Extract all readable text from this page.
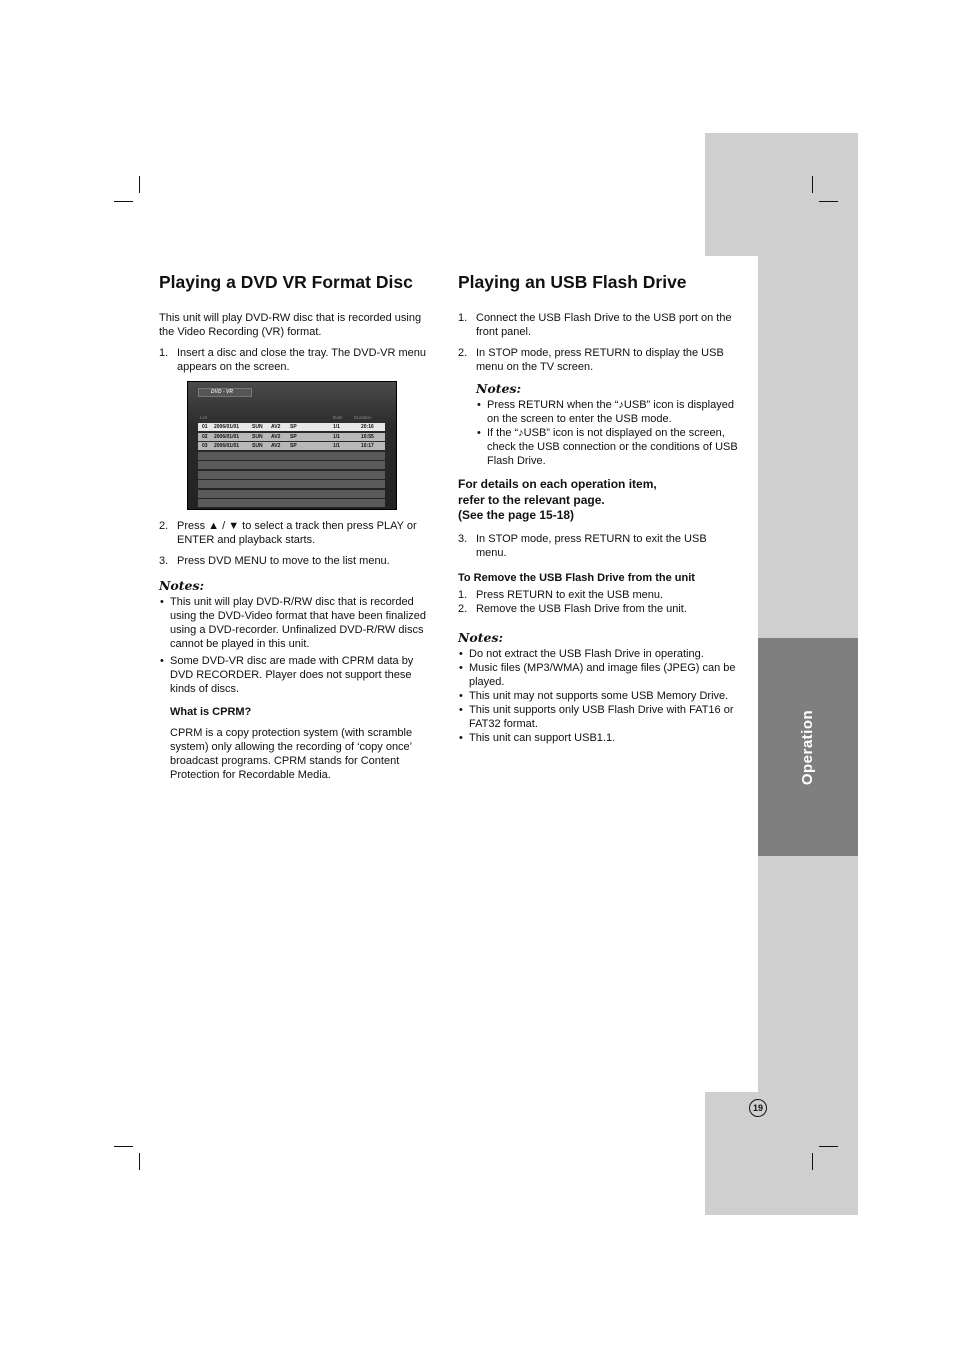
Operation
19
Playing a DVD VR Format Disc

This unit will play DVD-RW disc that is recorded using the Video Recording (VR) format.

1. Insert a disc and close the tray. The DVD-VR menu appears on the screen.
DVD - VR
List	Date	Duration
01 2006/01/01	SUN AV2 SP	1/1	20:16
02 2006/01/01	SUN AV2 SP	1/1	10:55
03 2006/01/01	SUN AV2 SP	1/1	10:17
2. Press ▲ / ▼ to select a track then press PLAY or ENTER and playback starts.
3. Press DVD MENU to move to the list menu.
Notes:
• This unit will play DVD-R/RW disc that is recorded using the DVD-Video format that have been finalized using a DVD-recorder. Unfinalized DVD-R/RW discs cannot be played in this unit.
• Some DVD-VR disc are made with CPRM data by DVD RECORDER. Player does not support these kinds of discs.

What is CPRM?

CPRM is a copy protection system (with scramble system) only allowing the recording of ‘copy once’ broadcast programs. CPRM stands for Content Protection for Recordable Media.

Playing an USB Flash Drive
1. Connect the USB Flash Drive to the USB port on the front panel.
2. In STOP mode, press RETURN to display the USB menu on the TV screen.
Notes:
• Press RETURN when the “♪USB” icon is displayed on the screen to enter the USB mode.
• If the “♪USB” icon is not displayed on the screen, check the USB connection or the conditions of USB Flash Drive.
For details on each operation item,
refer to the relevant page.
(See the page 15-18)
3. In STOP mode, press RETURN to exit the USB menu.

To Remove the USB Flash Drive from the unit

1. Press RETURN to exit the USB menu.
2. Remove the USB Flash Drive from the unit.
Notes:
• Do not extract the USB Flash Drive in operating.
• Music files (MP3/WMA) and image files (JPEG) can be played.
• This unit may not supports some USB Memory Drive.
• This unit supports only USB Flash Drive with FAT16 or FAT32 format.
• This unit can support USB1.1.
